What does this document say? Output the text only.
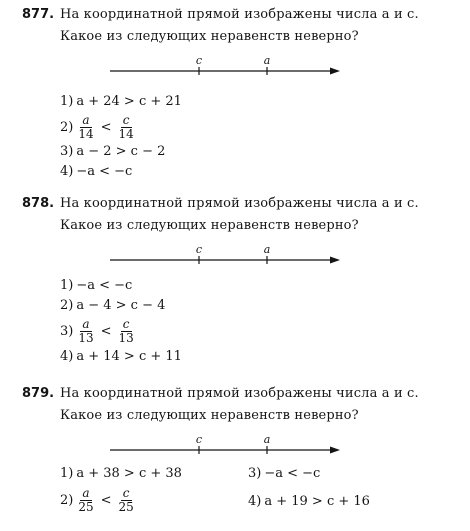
877. На координатной прямой изображены числа a и c.
Какое из следующих неравенств неверно?
c	a
1) a + 24 > c + 21
$2) \frac{a}{14} < \frac{c}{14}$
3) a − 2 > c − 2
4) −a < −c
878. На координатной прямой изображены числа a и c.
Какое из следующих неравенств неверно?
c	a
1) −a < −c
2) a − 4 > c − 4
$3) \frac{a}{13} < \frac{c}{13}$
4) a + 14 > c + 11
879. На координатной прямой изображены числа a и c.
Какое из следующих неравенств неверно?
c	a
1) a + 38 > c + 38
$2) \frac{a}{25} < \frac{c}{25}$
3) −a < −c
4) a + 19 > c + 16
